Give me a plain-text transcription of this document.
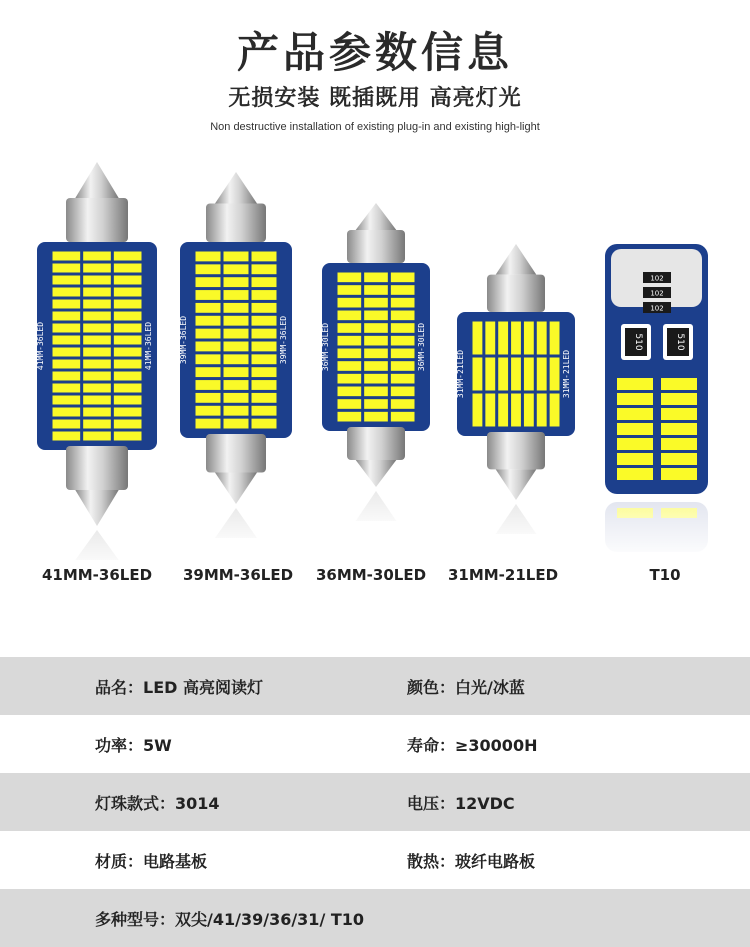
产品参数信息
无损安装 既插既用 高亮灯光
Non destructive installation of existing plug-in and existing high-light
41MM-36LED	41MM-36LED	39MM-36LED	39MM-36LED	36MM-30LED	36MM-30LED
31MM-21LED	31MM-21LED
102
102
102
510	510
41MM-36LED	39MM-36LED	36MM-30LED	31MM-21LED	T10
品名：LED 高亮阅读灯	颜色：白光/冰蓝
功率：5W	寿命：≥30000H
灯珠款式：3014	电压：12VDC
材质：电路基板	散热：玻纤电路板
多种型号：双尖/41/39/36/31/ T10
